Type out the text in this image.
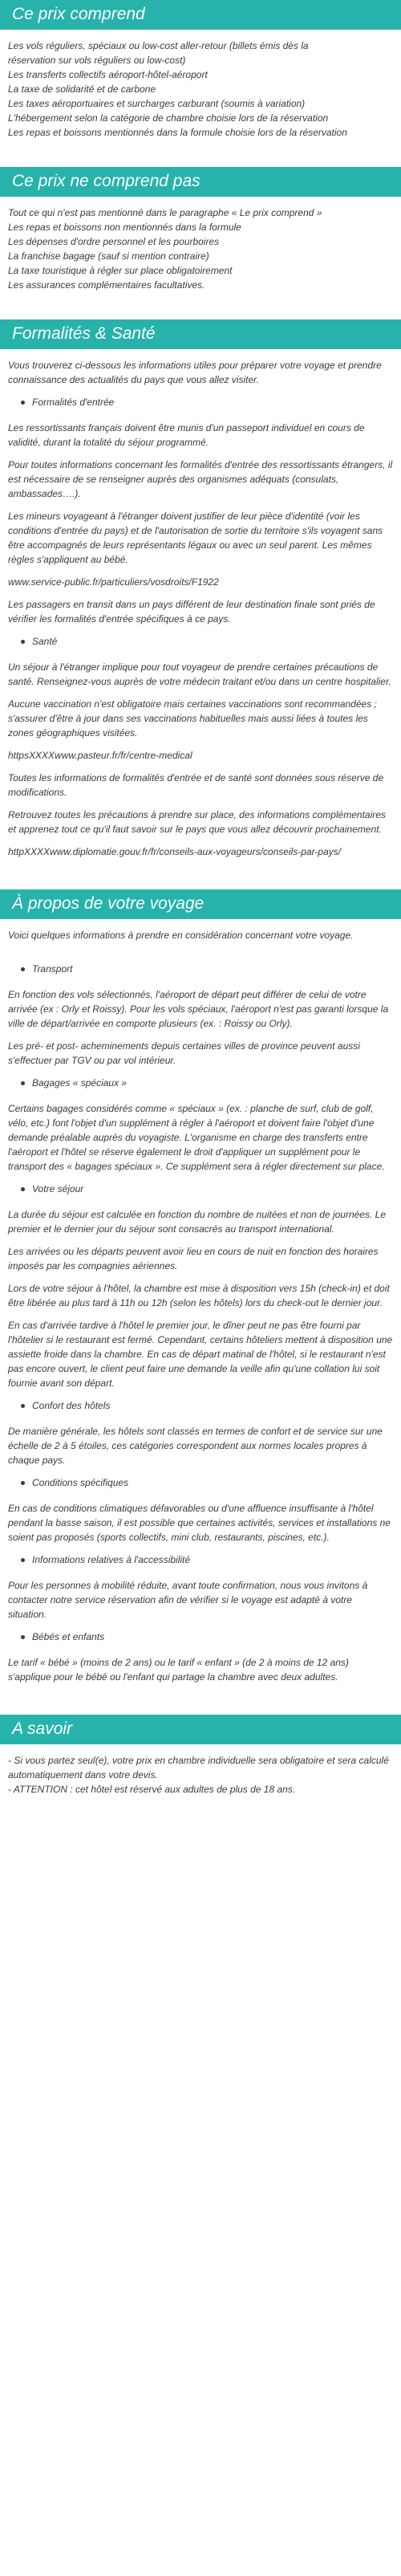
Ce prix comprend
Les vols réguliers, spéciaux ou low-cost aller-retour (billets émis dès la
réservation sur vols réguliers ou low-cost)
Les transferts collectifs aéroport-hôtel-aéroport
La taxe de solidarité et de carbone
Les taxes aéroportuaires et surcharges carburant (soumis à variation)
L'hébergement selon la catégorie de chambre choisie lors de la réservation
Les repas et boissons mentionnés dans la formule choisie lors de la réservation
Ce prix ne comprend pas
Tout ce qui n'est pas mentionné dans le paragraphe « Le prix comprend »
Les repas et boissons non mentionnés dans la formule
Les dépenses d'ordre personnel et les pourboires
La franchise bagage (sauf si mention contraire)
La taxe touristique à régler sur place obligatoirement
Les assurances complémentaires facultatives.
Formalités & Santé

Vous trouverez ci-dessous les informations utiles pour préparer votre voyage et prendre connaissance des actualités du pays que vous allez visiter.

Formalités d'entrée

Les ressortissants français doivent être munis d'un passeport individuel en cours de validité, durant la totalité du séjour programmé.

Pour toutes informations concernant les formalités d'entrée des ressortissants étrangers, il est nécessaire de se renseigner auprès des organismes adéquats (consulats, ambassades….).

Les mineurs voyageant à l'étranger doivent justifier de leur pièce d'identité (voir les conditions d'entrée du pays) et de l'autorisation de sortie du territoire s'ils voyagent sans être accompagnés de leurs représentants légaux ou avec un seul parent. Les mêmes règles s'appliquent au bébé.

www.service-public.fr/particuliers/vosdroits/F1922

Les passagers en transit dans un pays différent de leur destination finale sont priés de vérifier les formalités d'entrée spécifiques à ce pays.

Santé

Un séjour à l'étranger implique pour tout voyageur de prendre certaines précautions de santé. Renseignez-vous auprès de votre médecin traitant et/ou dans un centre hospitalier.

Aucune vaccination n'est obligatoire mais certaines vaccinations sont recommandées ; s'assurer d'être à jour dans ses vaccinations habituelles mais aussi liées à toutes les zones géographiques visitées.

httpsXXXXwww.pasteur.fr/fr/centre-medical

Toutes les informations de formalités d'entrée et de santé sont données sous réserve de modifications.

Retrouvez toutes les précautions à prendre sur place, des informations complémentaires et apprenez tout ce qu'il faut savoir sur le pays que vous allez découvrir prochainement.

httpXXXXwww.diplomatie.gouv.fr/fr/conseils-aux-voyageurs/conseils-par-pays/

À propos de votre voyage

Voici quelques informations à prendre en considération concernant votre voyage.

Transport

En fonction des vols sélectionnés, l'aéroport de départ peut différer de celui de votre arrivée (ex : Orly et Roissy). Pour les vols spéciaux, l'aéroport n'est pas garanti lorsque la ville de départ/arrivée en comporte plusieurs (ex. : Roissy ou Orly).

Les pré- et post- acheminements depuis certaines villes de province peuvent aussi s'effectuer par TGV ou par vol intérieur.

Bagages « spéciaux »

Certains bagages considérés comme « spéciaux » (ex. : planche de surf, club de golf, vélo, etc.) font l'objet d'un supplément à régler à l'aéroport et doivent faire l'objet d'une demande préalable auprès du voyagiste. L'organisme en charge des transferts entre l'aéroport et l'hôtel se réserve également le droit d'appliquer un supplément pour le transport des « bagages spéciaux ». Ce supplément sera à régler directement sur place.

Votre séjour

La durée du séjour est calculée en fonction du nombre de nuitées et non de journées. Le premier et le dernier jour du séjour sont consacrés au transport international.

Les arrivées ou les départs peuvent avoir lieu en cours de nuit en fonction des horaires imposés par les compagnies aériennes.

Lors de votre séjour à l'hôtel, la chambre est mise à disposition vers 15h (check-in) et doit être libérée au plus tard à 11h ou 12h (selon les hôtels) lors du check-out le dernier jour.

En cas d'arrivée tardive à l'hôtel le premier jour, le dîner peut ne pas être fourni par l'hôtelier si le restaurant est fermé. Cependant, certains hôteliers mettent à disposition une assiette froide dans la chambre. En cas de départ matinal de l'hôtel, si le restaurant n'est pas encore ouvert, le client peut faire une demande la veille afin qu'une collation lui soit fournie avant son départ.

Confort des hôtels

De manière générale, les hôtels sont classés en termes de confort et de service sur une échelle de 2 à 5 étoiles, ces catégories correspondent aux normes locales propres à chaque pays.

Conditions spécifiques

En cas de conditions climatiques défavorables ou d'une affluence insuffisante à l'hôtel pendant la basse saison, il est possible que certaines activités, services et installations ne soient pas proposés (sports collectifs, mini club, restaurants, piscines, etc.).

Informations relatives à l'accessibilité

Pour les personnes à mobilité réduite, avant toute confirmation, nous vous invitons à contacter notre service réservation afin de vérifier si le voyage est adapté à votre situation.

Bébés et enfants

Le tarif « bébé » (moins de 2 ans) ou le tarif « enfant » (de 2 à moins de 12 ans) s'applique pour le bébé ou l'enfant qui partage la chambre avec deux adultes.

A savoir
- Si vous partez seul(e), votre prix en chambre individuelle sera obligatoire et sera calculé automatiquement dans votre devis.
- ATTENTION : cet hôtel est réservé aux adultes de plus de 18 ans.
